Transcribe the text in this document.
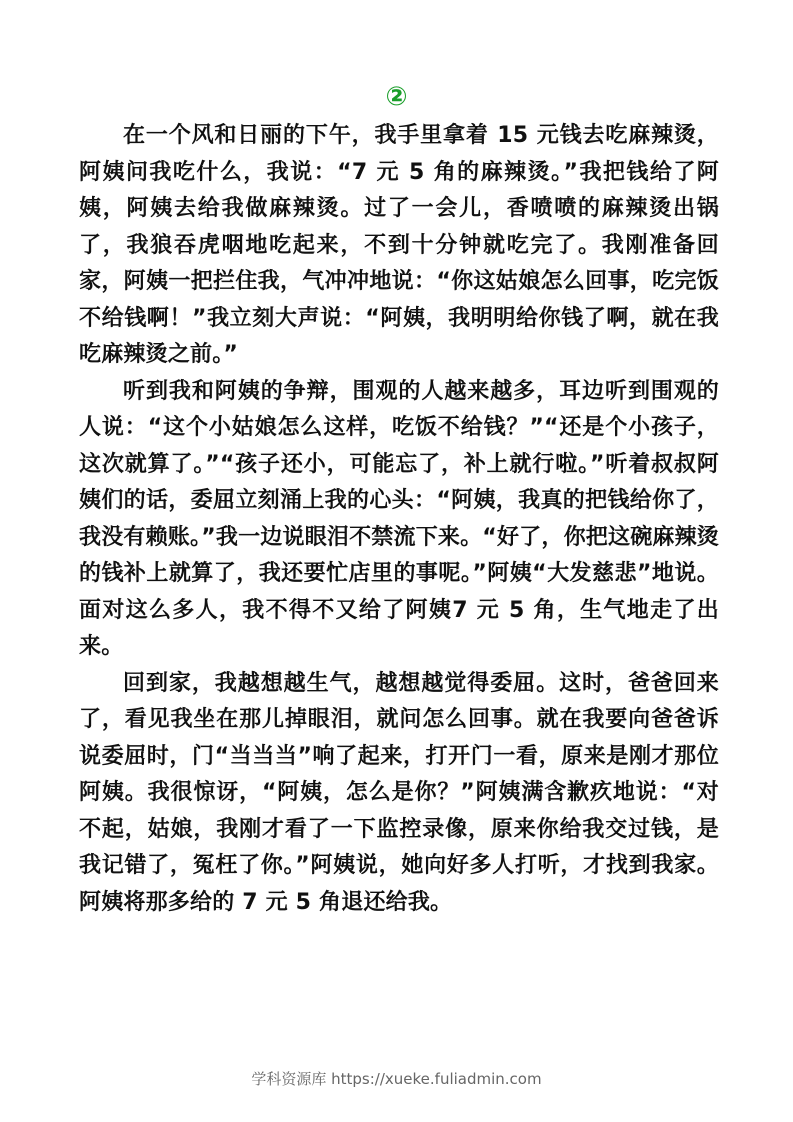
②

在一个风和日丽的下午，我手里拿着 15 元钱去吃麻辣烫，阿姨问我吃什么，我说：“7 元 5 角的麻辣烫。”我把钱给了阿姨，阿姨去给我做麻辣烫。过了一会儿，香喷喷的麻辣烫出锅了，我狼吞虎咽地吃起来，不到十分钟就吃完了。我刚准备回家，阿姨一把拦住我，气冲冲地说：“你这姑娘怎么回事，吃完饭不给钱啊！”我立刻大声说：“阿姨，我明明给你钱了啊，就在我吃麻辣烫之前。”

听到我和阿姨的争辩，围观的人越来越多，耳边听到围观的人说：“这个小姑娘怎么这样，吃饭不给钱？”“还是个小孩子，这次就算了。”“孩子还小，可能忘了，补上就行啦。”听着叔叔阿姨们的话，委屈立刻涌上我的心头：“阿姨，我真的把钱给你了，我没有赖账。”我一边说眼泪不禁流下来。“好了，你把这碗麻辣烫的钱补上就算了，我还要忙店里的事呢。”阿姨“大发慈悲”地说。面对这么多人，我不得不又给了阿姨7 元 5 角，生气地走了出来。

回到家，我越想越生气，越想越觉得委屈。这时，爸爸回来了，看见我坐在那儿掉眼泪，就问怎么回事。就在我要向爸爸诉说委屈时，门“当当当”响了起来，打开门一看，原来是刚才那位阿姨。我很惊讶，“阿姨，怎么是你？”阿姨满含歉疚地说：“对不起，姑娘，我刚才看了一下监控录像，原来你给我交过钱，是我记错了，冤枉了你。”阿姨说，她向好多人打听，才找到我家。阿姨将那多给的 7 元 5 角退还给我。

学科资源库 https://xueke.fuliadmin.com
